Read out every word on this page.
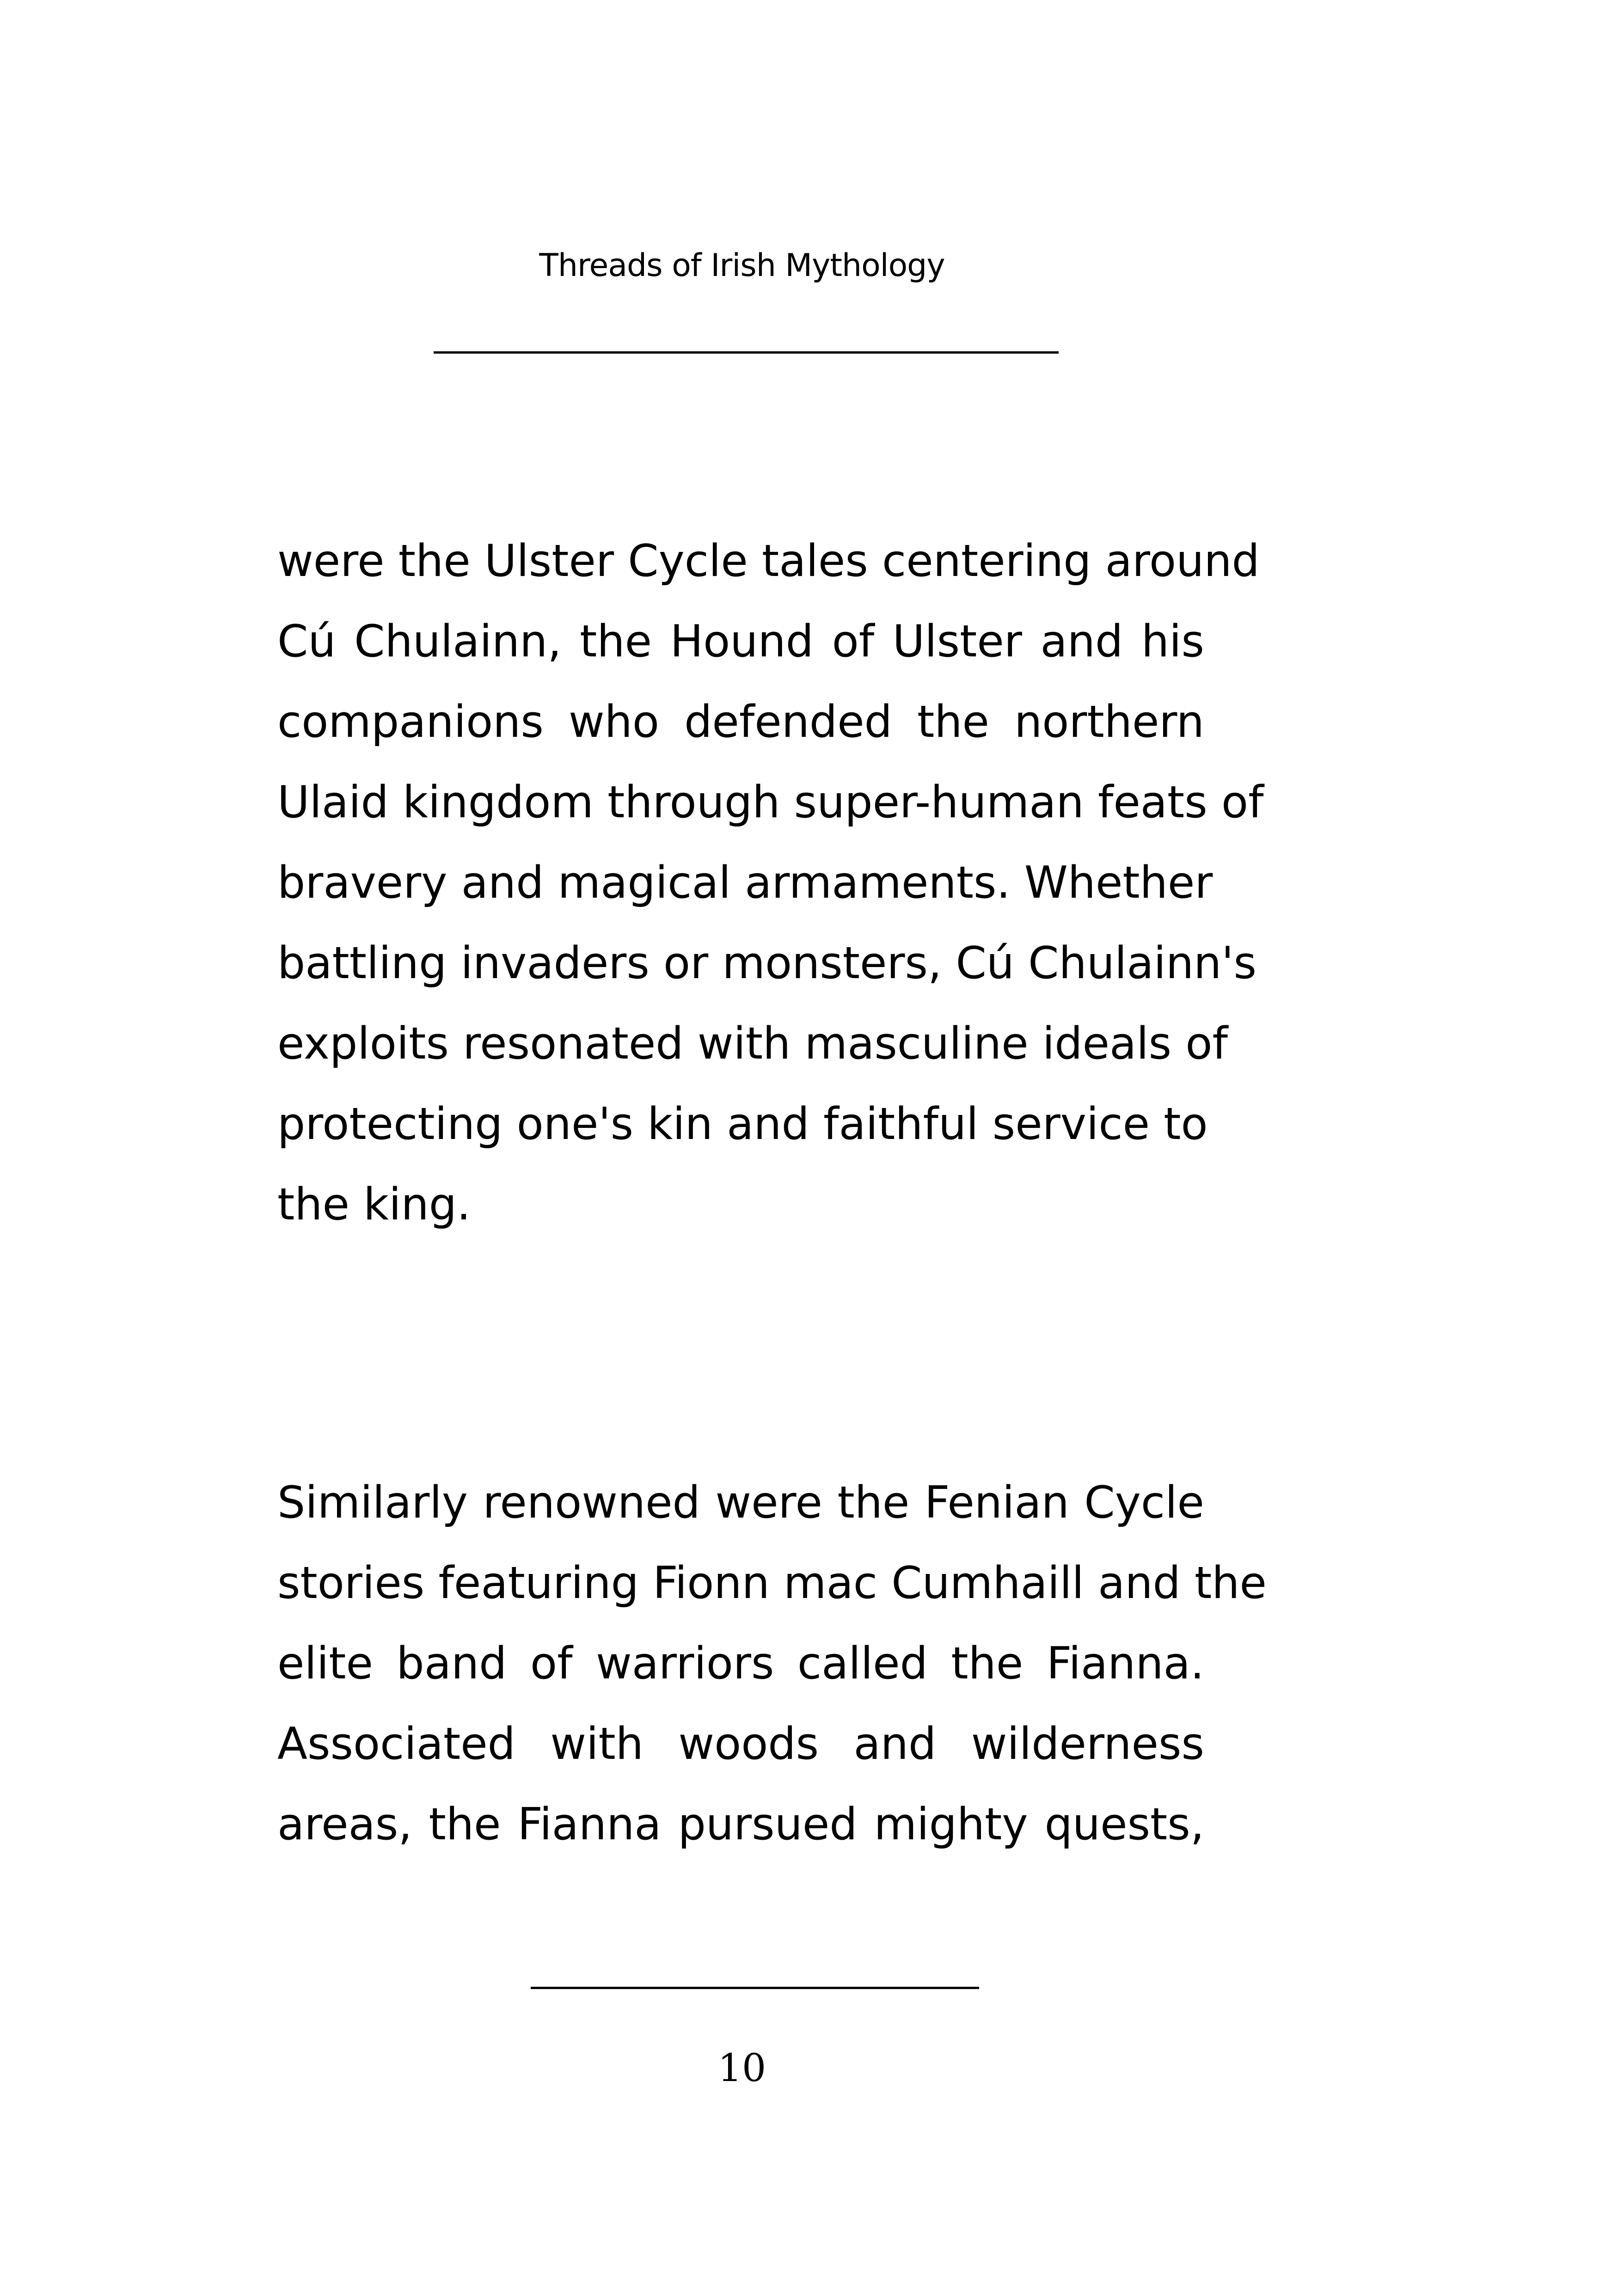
Threads of Irish Mythology
were the Ulster Cycle tales centering around
Cú Chulainn, the Hound of Ulster and his
companions who defended the northern
Ulaid kingdom through super-human feats of
bravery and magical armaments. Whether
battling invaders or monsters, Cú Chulainn's
exploits resonated with masculine ideals of
protecting one's kin and faithful service to
the king.
Similarly renowned were the Fenian Cycle
stories featuring Fionn mac Cumhaill and the
elite band of warriors called the Fianna.
Associated with woods and wilderness
areas, the Fianna pursued mighty quests,
10
